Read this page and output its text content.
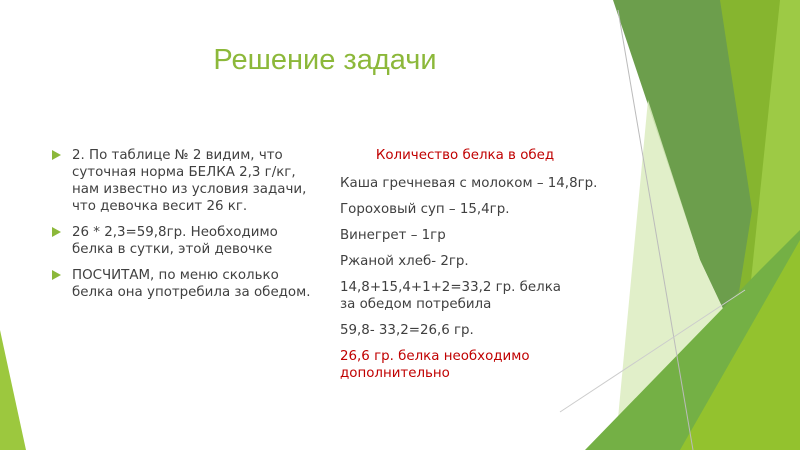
Решение задачи
2. По таблице № 2 видим, что суточная норма БЕЛКА 2,3 г/кг, нам известно из условия задачи, что девочка весит 26 кг.
26 * 2,3=59,8гр. Необходимо белка в сутки, этой девочке
ПОСЧИТАМ, по меню сколько белка она употребила за обедом.

Количество белка в обед

Каша гречневая с молоком – 14,8гр.

Гороховый суп – 15,4гр.

Винегрет – 1гр

Ржаной хлеб- 2гр.

14,8+15,4+1+2=33,2 гр. белка за обедом потребила

59,8- 33,2=26,6 гр.

26,6 гр. белка необходимо дополнительно
